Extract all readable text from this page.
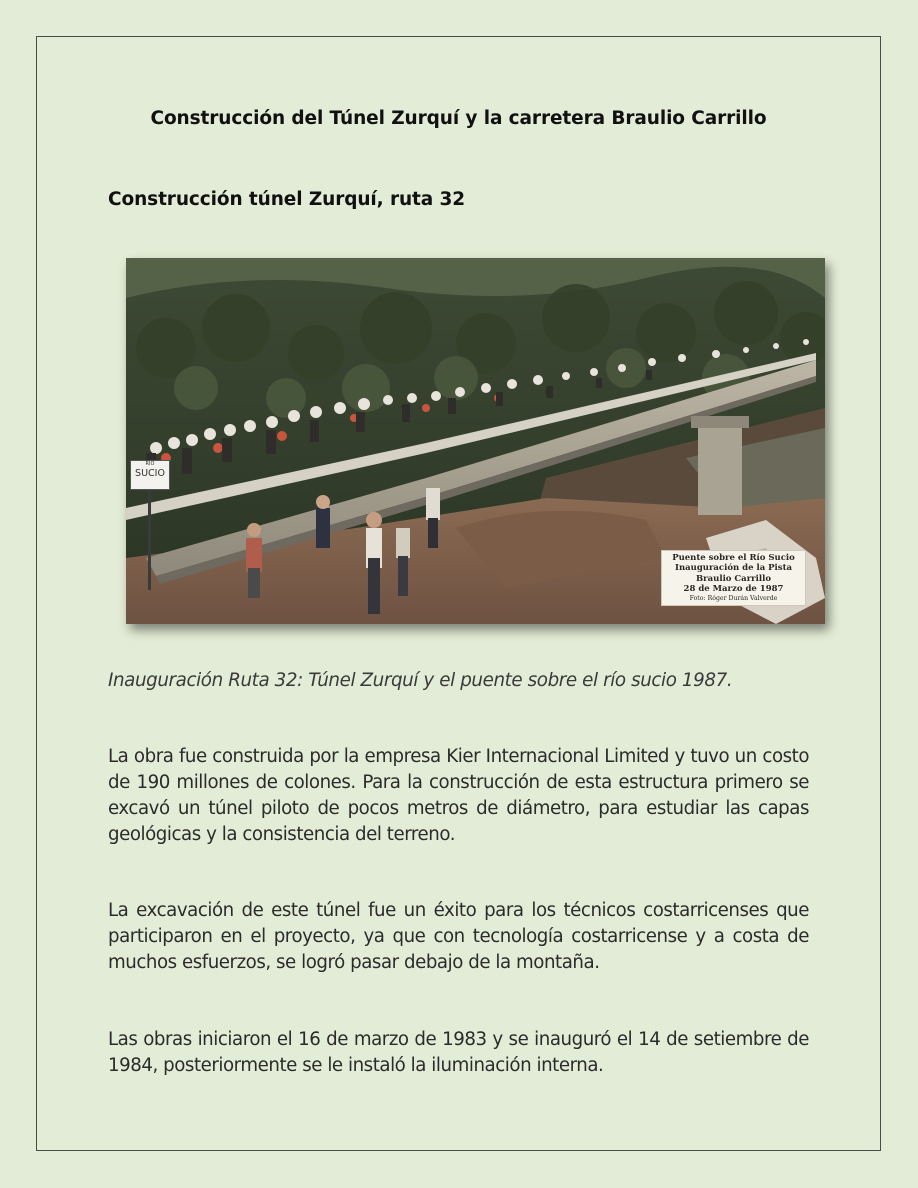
Construcción del Túnel Zurquí y la carretera Braulio Carrillo
Construcción túnel Zurquí, ruta 32
RIO
SUCIO
Puente sobre el Río Sucio
Inauguración de la Pista
Braulio Carrillo
28 de Marzo de 1987
Foto: Róger Durán Valverde
Inauguración Ruta 32: Túnel Zurquí y el puente sobre el río sucio 1987.

La obra fue construida por la empresa Kier Internacional Limited y tuvo un costo de 190 millones de colones. Para la construcción de esta estructura primero se excavó un túnel piloto de pocos metros de diámetro, para estudiar las capas geológicas y la consistencia del terreno.

La excavación de este túnel fue un éxito para los técnicos costarricenses que participaron en el proyecto, ya que con tecnología costarricense y a costa de muchos esfuerzos, se logró pasar debajo de la montaña.

Las obras iniciaron el 16 de marzo de 1983 y se inauguró el 14 de setiembre de 1984, posteriormente se le instaló la iluminación interna.
